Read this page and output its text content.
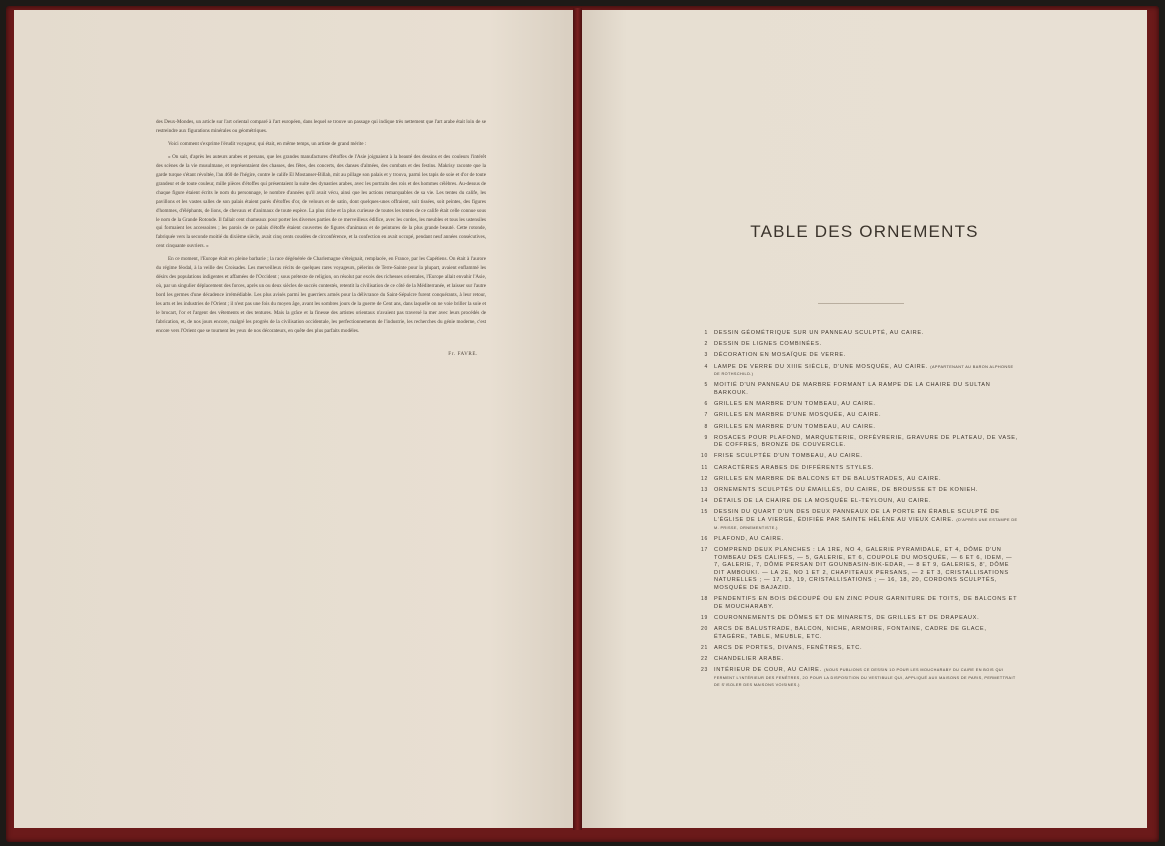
des Deux-Mondes, un article sur l'art oriental comparé à l'art européen, dans lequel se trouve un passage qui indique très nettement que l'art arabe était loin de se restreindre aux figurations minérales ou géométriques.

Voici comment s'exprime l'érudit voyageur, qui était, en même temps, un artiste de grand mérite :

« On sait, d'après les auteurs arabes et persans, que les grandes manufactures d'étoffes de l'Asie joignaient à la beauté des dessins et des couleurs l'intérêt des scènes de la vie musulmane, et représentaient des chasses, des fêtes, des concerts, des danses d'almées, des combats et des festins. Makrisy raconte que la garde turque s'étant révoltée, l'an 460 de l'hégire, contre le calife El Mostanser-Billah, mit au pillage son palais et y trouva, parmi les tapis de soie et d'or de toute grandeur et de toute couleur, mille pièces d'étoffes qui présentaient la suite des dynasties arabes, avec les portraits des rois et des hommes célèbres. Au-dessus de chaque figure étaient écrits le nom du personnage, le nombre d'années qu'il avait vécu, ainsi que les actions remarquables de sa vie. Les tentes du calife, les pavillons et les vastes salles de son palais étaient parés d'étoffes d'or, de velours et de satin, dont quelques-unes offraient, soit tissées, soit peintes, des figures d'hommes, d'éléphants, de lions, de chevaux et d'animaux de toute espèce. La plus riche et la plus curieuse de toutes les tentes de ce calife était celle connue sous le nom de la Grande Rotonde. Il fallait cent chameaux pour porter les diverses parties de ce merveilleux édifice, avec les cordes, les meubles et tous les ustensiles qui formaient les accessoires ; les parois de ce palais d'étoffe étaient couvertes de figures d'animaux et de peintures de la plus grande beauté. Cette rotonde, fabriquée vers la seconde moitié du dixième siècle, avait cinq cents coudées de circonférence, et la confection en avait occupé, pendant neuf années consécutives, cent cinquante ouvriers. »

En ce moment, l'Europe était en pleine barbarie ; la race dégénérée de Charlemagne s'éteignait, remplacée, en France, par les Capétiens. On était à l'aurore du régime féodal, à la veille des Croisades. Les merveilleux récits de quelques rares voyageurs, pèlerins de Terre-Sainte pour la plupart, avaient enflammé les désirs des populations indigentes et affamées de l'Occident ; sous prétexte de religion, on résolut par excès des richesses orientales, l'Europe allait envahir l'Asie, où, par un singulier déplacement des forces, après un ou deux siècles de succès contestés, retentit la civilisation de ce côté de la Méditerranée, et laisser sur l'autre bord les germes d'une décadence irrémédiable. Les plus avisés parmi les guerriers armés pour la délivrance du Saint-Sépulcre furent conquérants, à leur retour, les arts et les industries de l'Orient ; il n'est pas une fois du moyen âge, avant les sombres jours de la guerre de Cent ans, dans laquelle on ne voie briller la soie et le brocart, l'or et l'argent des vêtements et des tentures. Mais la grâce et la finesse des artistes orientaux n'avaient pas traversé la mer avec leurs procédés de fabrication, et, de nos jours encore, malgré les progrès de la civilisation occidentale, les perfectionnements de l'industrie, les recherches du génie moderne, c'est encore vers l'Orient que se tournent les yeux de nos décorateurs, en quête des plus parfaits modèles.

Fr. FAVRE.

TABLE DES ORNEMENTS
1 DESSIN GÉOMÉTRIQUE SUR UN PANNEAU SCULPTÉ, AU CAIRE.
2 DESSIN DE LIGNES COMBINÉES.
3 DÉCORATION EN MOSAÏQUE DE VERRE.
4 LAMPE DE VERRE DU XIIIE SIÈCLE, D'UNE MOSQUÉE, AU CAIRE. (APPARTENANT AU BARON ALPHONSE DE ROTHSCHILD.)
5 MOITIÉ D'UN PANNEAU DE MARBRE FORMANT LA RAMPE DE LA CHAIRE DU SULTAN BARKOUK.
6 GRILLES EN MARBRE D'UN TOMBEAU, AU CAIRE.
7 GRILLES EN MARBRE D'UNE MOSQUÉE, AU CAIRE.
8 GRILLES EN MARBRE D'UN TOMBEAU, AU CAIRE.
9 ROSACES POUR PLAFOND, MARQUETERIE, ORFÈVRERIE, GRAVURE DE PLATEAU, DE VASE, DE COFFRES, BRONZE DE COUVERCLE.
10 FRISE SCULPTÉE D'UN TOMBEAU, AU CAIRE.
11 CARACTÈRES ARABES DE DIFFÉRENTS STYLES.
12 GRILLES EN MARBRE DE BALCONS ET DE BALUSTRADES, AU CAIRE.
13 ORNEMENTS SCULPTÉS OU ÉMAILLÉS, DU CAIRE, DE BROUSSE ET DE KONIEH.
14 DÉTAILS DE LA CHAIRE DE LA MOSQUÉE EL-TEYLOUN, AU CAIRE.
15 DESSIN DU QUART D'UN DES DEUX PANNEAUX DE LA PORTE EN ÉRABLE SCULPTÉ DE L'ÉGLISE DE LA VIERGE, ÉDIFIÉE PAR SAINTE HÉLÈNE AU VIEUX CAIRE. (D'APRÈS UNE ESTAMPE DE M. PRISSE, ORNEMENTISTE.)
16 PLAFOND, AU CAIRE.
17 COMPREND DEUX PLANCHES : LA 1RE, NO 4, GALERIE PYRAMIDALE, ET 4, DÔME D'UN TOMBEAU DES CALIFES, — 5, GALERIE, ET 6, COUPOLE DU MOSQUÉE, — 6 ET 6, IDEM, — 7, GALERIE, 7, DÔME PERSAN DIT GOUNBASIN-BIK-EDAR, — 8 ET 9, GALERIES, 8', DÔME DIT AMBOUKI. — LA 2E, NO 1 ET 2, CHAPITEAUX PERSANS, — 2 ET 3, CRISTALLISATIONS NATURELLES ; — 17, 13, 19, CRISTALLISATIONS ; — 16, 18, 20, CORDONS SCULPTÉS, MOSQUÉE DE BAJAZID.
18 PENDENTIFS EN BOIS DÉCOUPÉ OU EN ZINC POUR GARNITURE DE TOITS, DE BALCONS ET DE MOUCHARABY.
19 COURONNEMENTS DE DÔMES ET DE MINARETS, DE GRILLES ET DE DRAPEAUX.
20 ARCS DE BALUSTRADE, BALCON, NICHE, ARMOIRE, FONTAINE, CADRE DE GLACE, ÉTAGÈRE, TABLE, MEUBLE, ETC.
21 ARCS DE PORTES, DIVANS, FENÊTRES, ETC.
22 CHANDELIER ARABE.
23 INTÉRIEUR DE COUR, AU CAIRE. (NOUS PUBLIONS CE DESSIN 1O POUR LES MOUCHARABY DU CAIRE EN BOIS QUI FERMENT L'INTÉRIEUR DES FENÊTRES, 2O POUR LA DISPOSITION DU VESTIBULE QUI, APPLIQUÉ AUX MAISONS DE PARIS, PERMETTRAIT DE S'ISOLER DES MAISONS VOISINES.)
